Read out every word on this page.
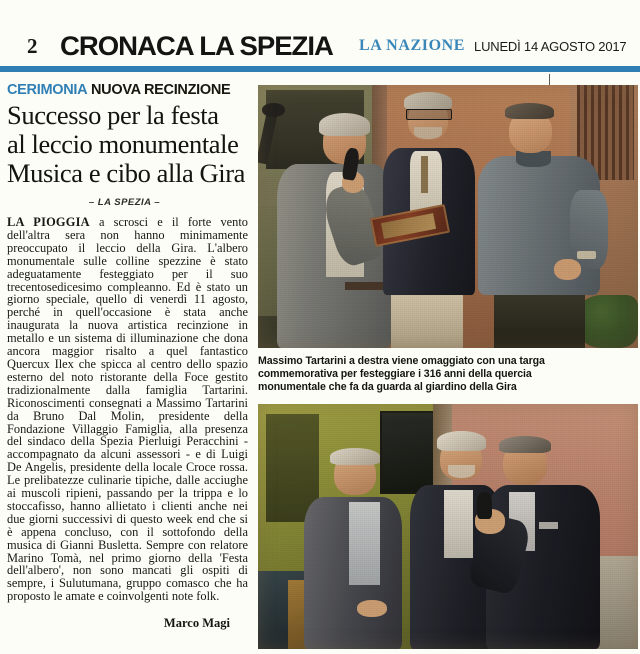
2 CRONACA LA SPEZIA LA NAZIONE LUNEDÌ 14 AGOSTO 2017
CERIMONIA NUOVA RECINZIONE
Successo per la festa
al leccio monumentale
Musica e cibo alla Gira
– LA SPEZIA –

LA PIOGGIA a scrosci e il forte vento dell'altra sera non hanno minimamente preoccupato il leccio della Gira. L'albero monumentale sulle colline spezzine è stato adeguatamente festeggiato per il suo trecentosedicesimo compleanno. Ed è stato un giorno speciale, quello di venerdì 11 agosto, perché in quell'occasione è stata anche inaugurata la nuova artistica recinzione in metallo e un sistema di illuminazione che dona ancora maggior risalto a quel fantastico Quercux Ilex che spicca al centro dello spazio esterno del noto ristorante della Foce gestito tradizionalmente dalla famiglia Tartarini. Riconoscimenti consegnati a Massimo Tartarini da Bruno Dal Molin, presidente della Fondazione Villaggio Famiglia, alla presenza del sindaco della Spezia Pierluigi Peracchini - accompagnato da alcuni assessori - e di Luigi De Angelis, presidente della locale Croce rossa. Le prelibatezze culinarie tipiche, dalle acciughe ai muscoli ripieni, passando per la trippa e lo stoccafisso, hanno allietato i clienti anche nei due giorni successivi di questo week end che si è appena concluso, con il sottofondo della musica di Gianni Busletta. Sempre con relatore Marino Tomà, nel primo giorno della 'Festa dell'albero', non sono mancati gli ospiti di sempre, i Sulutumana, gruppo comasco che ha proposto le amate e coinvolgenti note folk.

Marco Magi
Massimo Tartarini a destra viene omaggiato con una targa
commemorativa per festeggiare i 316 anni della quercia
monumentale che fa da guarda al giardino della Gira
